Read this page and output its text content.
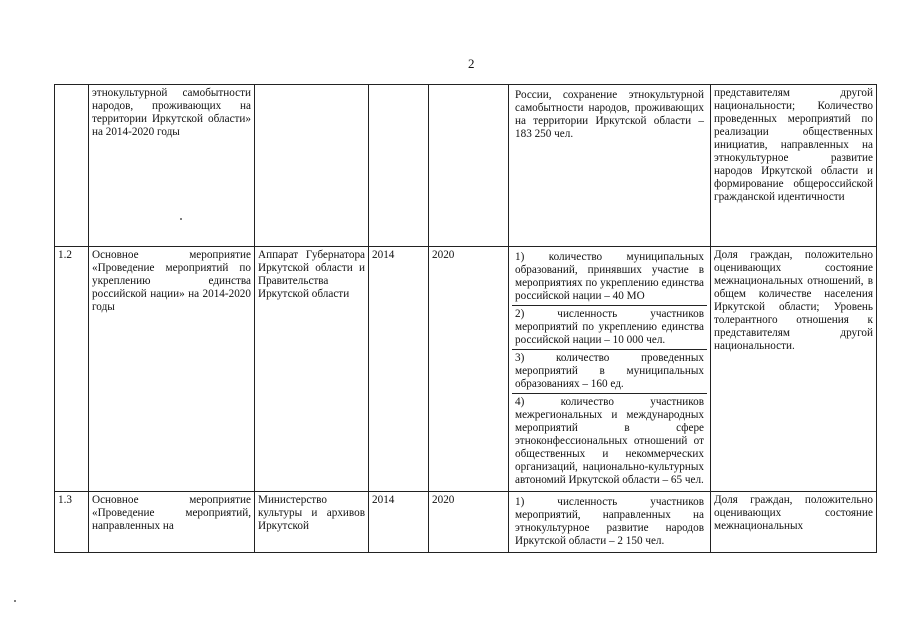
2
	этнокультурной самобытности народов, проживающих на территории Иркутской области» на 2014-2020 годы				России, сохранение этнокультурной самобытности народов, проживающих на территории Иркутской области – 183 250 чел.	представителям другой национальности; Количество проведенных мероприятий по реализации общественных инициатив, направленных на этнокультурное развитие народов Иркутской области и формирование общероссийской гражданской идентичности
1.2	Основное мероприятие «Проведение мероприятий по укреплению единства российской нации» на 2014-2020 годы	Аппарат Губернатора Иркутской области и Правительства Иркутской области	2014	2020	1) количество муниципальных образований, принявших участие в мероприятиях по укреплению единства российской нации – 40 МО
2) численность участников мероприятий по укреплению единства российской нации – 10 000 чел.
3) количество проведенных мероприятий в муниципальных образованиях – 160 ед.
4) количество участников межрегиональных и международных мероприятий в сфере этноконфессиональных отношений от общественных и некоммерческих организаций, национально-культурных автономий Иркутской области – 65 чел.	Доля граждан, положительно оценивающих состояние межнациональных отношений, в общем количестве населения Иркутской области; Уровень толерантного отношения к представителям другой национальности.
1.3	Основное мероприятие «Проведение мероприятий, направленных на	Министерство культуры и архивов Иркутской	2014	2020	1) численность участников мероприятий, направленных на этнокультурное развитие народов Иркутской области – 2 150 чел.	Доля граждан, положительно оценивающих состояние межнациональных
